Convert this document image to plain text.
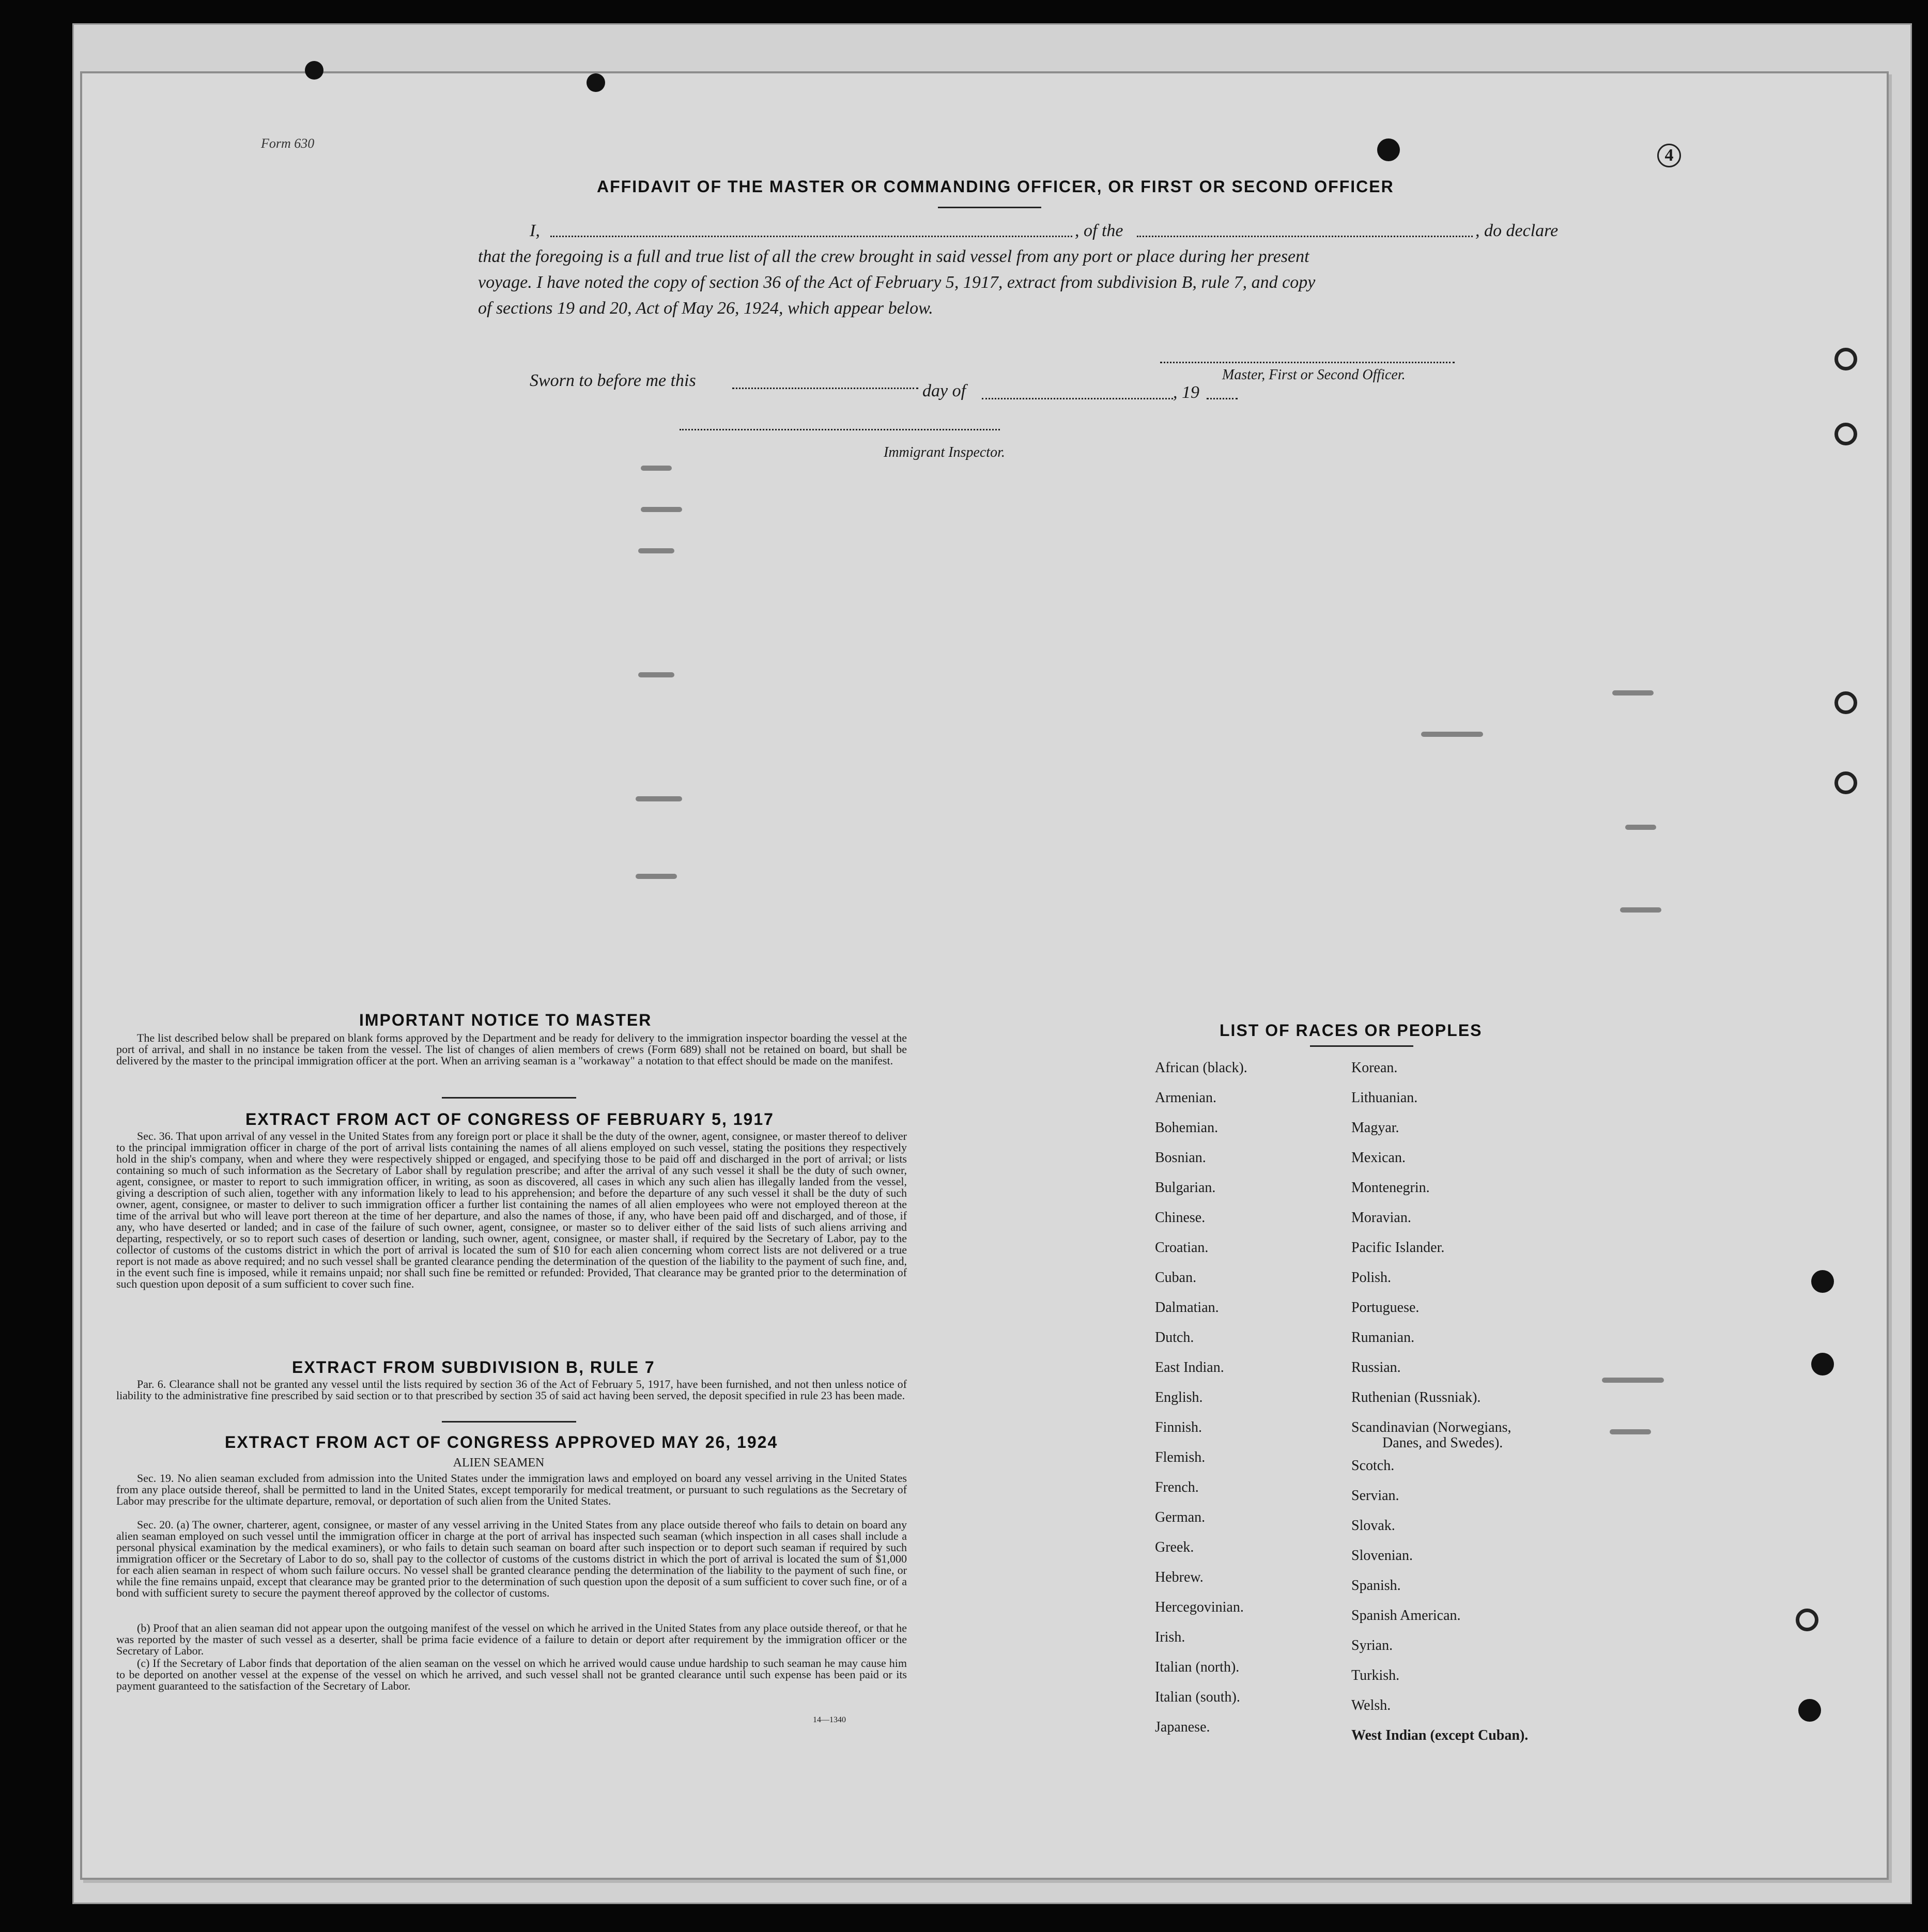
Form 630
AFFIDAVIT OF THE MASTER OR COMMANDING OFFICER, OR FIRST OR SECOND OFFICER
I,	, of the	, do declare
that the foregoing is a full and true list of all the crew brought in said vessel from any port or place during her present
voyage. I have noted the copy of section 36 of the Act of February 5, 1917, extract from subdivision B, rule 7, and copy
of sections 19 and 20, Act of May 26, 1924, which appear below.
Master, First or Second Officer.
Sworn to before me this
day of	, 19
Immigrant Inspector.
IMPORTANT NOTICE TO MASTER
The list described below shall be prepared on blank forms approved by the Department and be ready for delivery to the immigration inspector boarding the vessel at the port of arrival, and shall in no instance be taken from the vessel. The list of changes of alien members of crews (Form 689) shall not be retained on board, but shall be delivered by the master to the principal immigration officer at the port. When an arriving seaman is a "workaway" a notation to that effect should be made on the manifest.
EXTRACT FROM ACT OF CONGRESS OF FEBRUARY 5, 1917
Sec. 36. That upon arrival of any vessel in the United States from any foreign port or place it shall be the duty of the owner, agent, consignee, or master thereof to deliver to the principal immigration officer in charge of the port of arrival lists containing the names of all aliens employed on such vessel, stating the positions they respectively hold in the ship's company, when and where they were respectively shipped or engaged, and specifying those to be paid off and discharged in the port of arrival; or lists containing so much of such information as the Secretary of Labor shall by regulation prescribe; and after the arrival of any such vessel it shall be the duty of such owner, agent, consignee, or master to report to such immigration officer, in writing, as soon as discovered, all cases in which any such alien has illegally landed from the vessel, giving a description of such alien, together with any information likely to lead to his apprehension; and before the departure of any such vessel it shall be the duty of such owner, agent, consignee, or master to deliver to such immigration officer a further list containing the names of all alien employees who were not employed thereon at the time of the arrival but who will leave port thereon at the time of her departure, and also the names of those, if any, who have been paid off and discharged, and of those, if any, who have deserted or landed; and in case of the failure of such owner, agent, consignee, or master so to deliver either of the said lists of such aliens arriving and departing, respectively, or so to report such cases of desertion or landing, such owner, agent, consignee, or master shall, if required by the Secretary of Labor, pay to the collector of customs of the customs district in which the port of arrival is located the sum of $10 for each alien concerning whom correct lists are not delivered or a true report is not made as above required; and no such vessel shall be granted clearance pending the determination of the question of the liability to the payment of such fine, and, in the event such fine is imposed, while it remains unpaid; nor shall such fine be remitted or refunded: Provided, That clearance may be granted prior to the determination of such question upon deposit of a sum sufficient to cover such fine.
EXTRACT FROM SUBDIVISION B, RULE 7
Par. 6. Clearance shall not be granted any vessel until the lists required by section 36 of the Act of February 5, 1917, have been furnished, and not then unless notice of liability to the administrative fine prescribed by said section or to that prescribed by section 35 of said act having been served, the deposit specified in rule 23 has been made.
EXTRACT FROM ACT OF CONGRESS APPROVED MAY 26, 1924
ALIEN SEAMEN
Sec. 19. No alien seaman excluded from admission into the United States under the immigration laws and employed on board any vessel arriving in the United States from any place outside thereof, shall be permitted to land in the United States, except temporarily for medical treatment, or pursuant to such regulations as the Secretary of Labor may prescribe for the ultimate departure, removal, or deportation of such alien from the United States.
Sec. 20. (a) The owner, charterer, agent, consignee, or master of any vessel arriving in the United States from any place outside thereof who fails to detain on board any alien seaman employed on such vessel until the immigration officer in charge at the port of arrival has inspected such seaman (which inspection in all cases shall include a personal physical examination by the medical examiners), or who fails to detain such seaman on board after such inspection or to deport such seaman if required by such immigration officer or the Secretary of Labor to do so, shall pay to the collector of customs of the customs district in which the port of arrival is located the sum of $1,000 for each alien seaman in respect of whom such failure occurs. No vessel shall be granted clearance pending the determination of the liability to the payment of such fine, or while the fine remains unpaid, except that clearance may be granted prior to the determination of such question upon the deposit of a sum sufficient to cover such fine, or of a bond with sufficient surety to secure the payment thereof approved by the collector of customs.
(b) Proof that an alien seaman did not appear upon the outgoing manifest of the vessel on which he arrived in the United States from any place outside thereof, or that he was reported by the master of such vessel as a deserter, shall be prima facie evidence of a failure to detain or deport after requirement by the immigration officer or the Secretary of Labor.
(c) If the Secretary of Labor finds that deportation of the alien seaman on the vessel on which he arrived would cause undue hardship to such seaman he may cause him to be deported on another vessel at the expense of the vessel on which he arrived, and such vessel shall not be granted clearance until such expense has been paid or its payment guaranteed to the satisfaction of the Secretary of Labor.
14—1340
LIST OF RACES OR PEOPLES
African (black).
Armenian.
Bohemian.
Bosnian.
Bulgarian.
Chinese.
Croatian.
Cuban.
Dalmatian.
Dutch.
East Indian.
English.
Finnish.
Flemish.
French.
German.
Greek.
Hebrew.
Hercegovinian.
Irish.
Italian (north).
Italian (south).
Japanese.
Korean.
Lithuanian.
Magyar.
Mexican.
Montenegrin.
Moravian.
Pacific Islander.
Polish.
Portuguese.
Rumanian.
Russian.
Ruthenian (Russniak).
Scandinavian (Norwegians,
Danes, and Swedes).
Scotch.
Servian.
Slovak.
Slovenian.
Spanish.
Spanish American.
Syrian.
Turkish.
Welsh.
West Indian (except Cuban).
4
